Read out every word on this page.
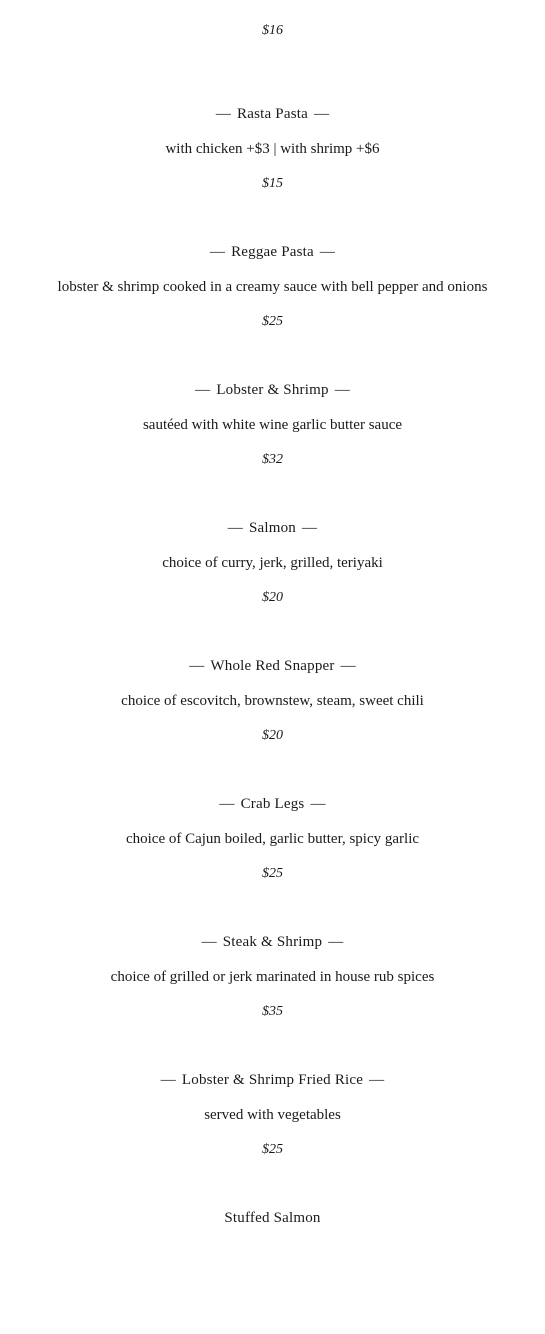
$16
— Rasta Pasta —
with chicken +$3 | with shrimp +$6
$15
— Reggae Pasta —
lobster & shrimp cooked in a creamy sauce with bell pepper and onions
$25
— Lobster & Shrimp —
sautéed with white wine garlic butter sauce
$32
— Salmon —
choice of curry, jerk, grilled, teriyaki
$20
— Whole Red Snapper —
choice of escovitch, brownstew, steam, sweet chili
$20
— Crab Legs —
choice of Cajun boiled, garlic butter, spicy garlic
$25
— Steak & Shrimp —
choice of grilled or jerk marinated in house rub spices
$35
— Lobster & Shrimp Fried Rice —
served with vegetables
$25
Stuffed Salmon
